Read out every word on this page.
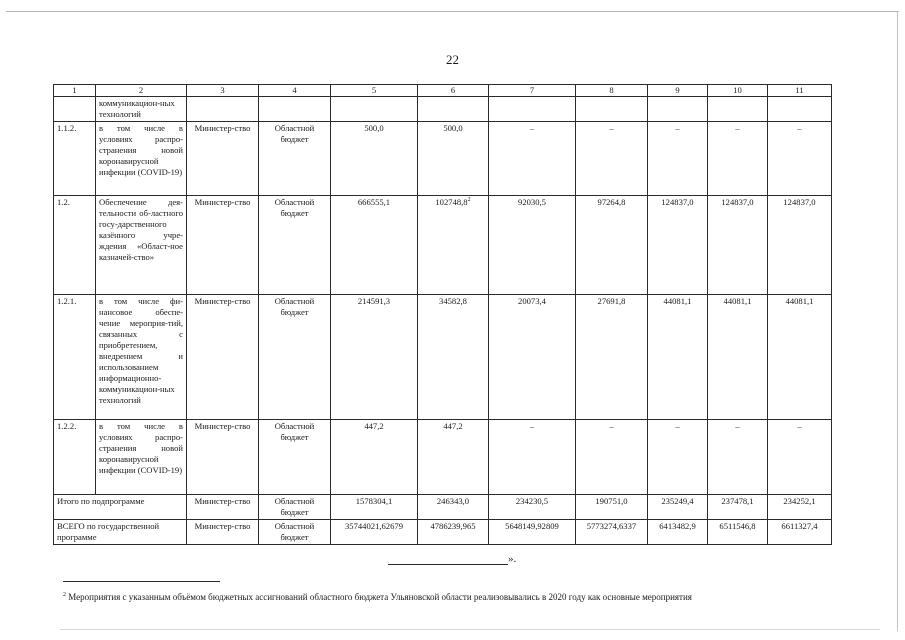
22
1	2	3	4	5	6	7	8	9	10	11
	коммуникацион-ных технологий									
1.1.2.	в том числе в условиях распро-странения новой коронавирусной инфекции (COVID-19)	Министер-ство	Областной бюджет	500,0	500,0	–	–	–	–	–
1.2.	Обеспечение дея-тельности об-ластного госу-дарственного казённого учре-ждения «Област-ное казначей-ство»	Министер-ство	Областной бюджет	666555,1	102748,8$^2$	92030,5	97264,8	124837,0	124837,0	124837,0
1.2.1.	в том числе фи-нансовое обеспе-чение мероприя-тий, связанных с приобретением, внедрением и использованием информационно-коммуникацион-ных технологий	Министер-ство	Областной бюджет	214591,3	34582,8	20073,4	27691,8	44081,1	44081,1	44081,1
1.2.2.	в том числе в условиях распро-странения новой коронавирусной инфекции (COVID-19)	Министер-ство	Областной бюджет	447,2	447,2	–	–	–	–	–
Итого по подпрограмме		Министер-ство	Областной бюджет	1578304,1	246343,0	234230,5	190751,0	235249,4	237478,1	234252,1
ВСЕГО по государственной программе		Министер-ство	Областной бюджет	35744021,62679	4786239,965	5648149,92809	5773274,6337	6413482,9	6511546,8	6611327,4
».
$^2$ Мероприятия с указанным объёмом бюджетных ассигнований областного бюджета Ульяновской области реализовывались в 2020 году как основные мероприятия
